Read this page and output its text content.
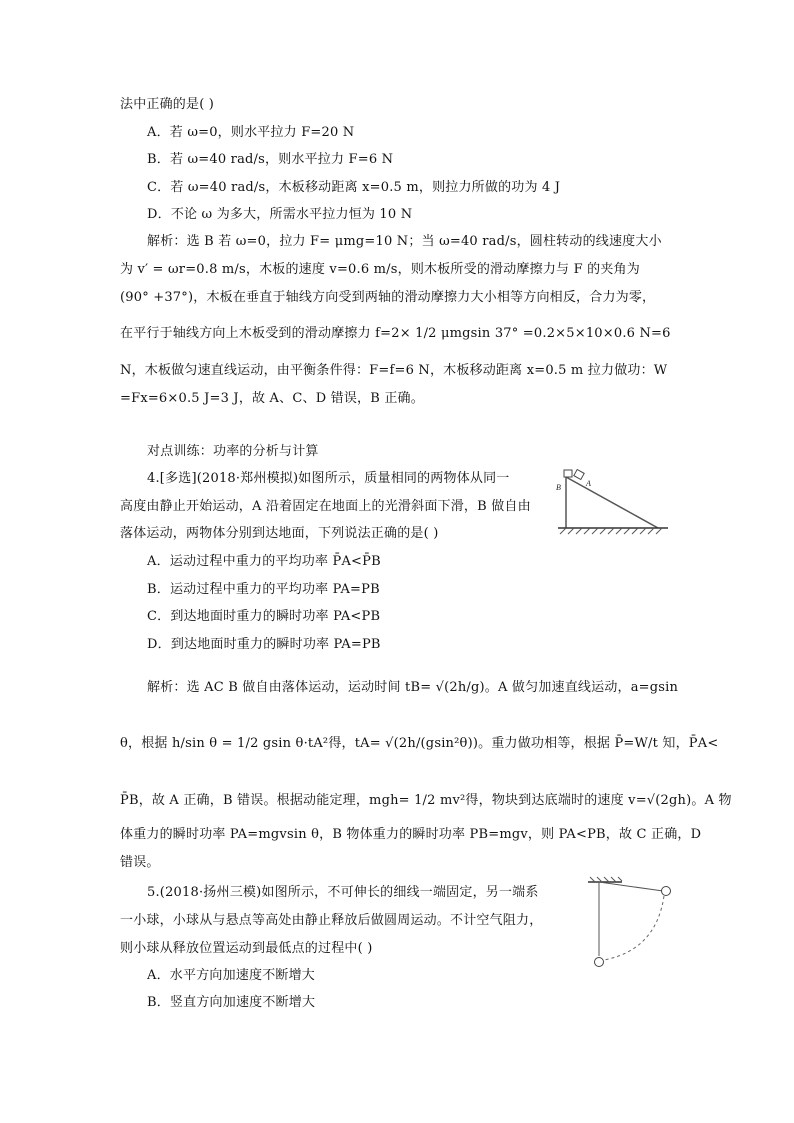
法中正确的是( )
A．若 ω=0，则水平拉力 F=20 N
B．若 ω=40 rad/s，则水平拉力 F=6 N
C．若 ω=40 rad/s，木板移动距离 x=0.5 m，则拉力所做的功为 4 J
D．不论 ω 为多大，所需水平拉力恒为 10 N
解析：选 B 若 ω=0，拉力 F= μmg=10 N；当 ω=40 rad/s，圆柱转动的线速度大小
为 v′ = ωr=0.8 m/s，木板的速度 v=0.6 m/s，则木板所受的滑动摩擦力与 F 的夹角为
(90° +37°)，木板在垂直于轴线方向受到两轴的滑动摩擦力大小相等方向相反，合力为零，
在平行于轴线方向上木板受到的滑动摩擦力 f=2× 1/2 μmgsin 37° =0.2×5×10×0.6 N=6
N，木板做匀速直线运动，由平衡条件得：F=f=6 N，木板移动距离 x=0.5 m 拉力做功：W
=Fx=6×0.5 J=3 J，故 A、C、D 错误，B 正确。
对点训练：功率的分析与计算
4.[多选](2018·郑州模拟)如图所示，质量相同的两物体从同一
高度由静止开始运动，A 沿着固定在地面上的光滑斜面下滑，B 做自由
落体运动，两物体分别到达地面，下列说法正确的是( )
A．运动过程中重力的平均功率 P̄A<P̄B
B．运动过程中重力的平均功率 PA=PB
C．到达地面时重力的瞬时功率 PA<PB
D．到达地面时重力的瞬时功率 PA=PB
B	A
解析：选 AC B 做自由落体运动，运动时间 tB= √(2h/g)。A 做匀加速直线运动，a=gsin
θ，根据 h/sin θ = 1/2 gsin θ·tA²得，tA= √(2h/(gsin²θ))。重力做功相等，根据 P̄=W/t 知，P̄A<
P̄B，故 A 正确，B 错误。根据动能定理，mgh= 1/2 mv²得，物块到达底端时的速度 v=√(2gh)。A 物
体重力的瞬时功率 PA=mgvsin θ，B 物体重力的瞬时功率 PB=mgv，则 PA<PB，故 C 正确，D
错误。
5.(2018·扬州三模)如图所示，不可伸长的细线一端固定，另一端系
一小球，小球从与悬点等高处由静止释放后做圆周运动。不计空气阻力，
则小球从释放位置运动到最低点的过程中( )
A．水平方向加速度不断增大
B．竖直方向加速度不断增大
